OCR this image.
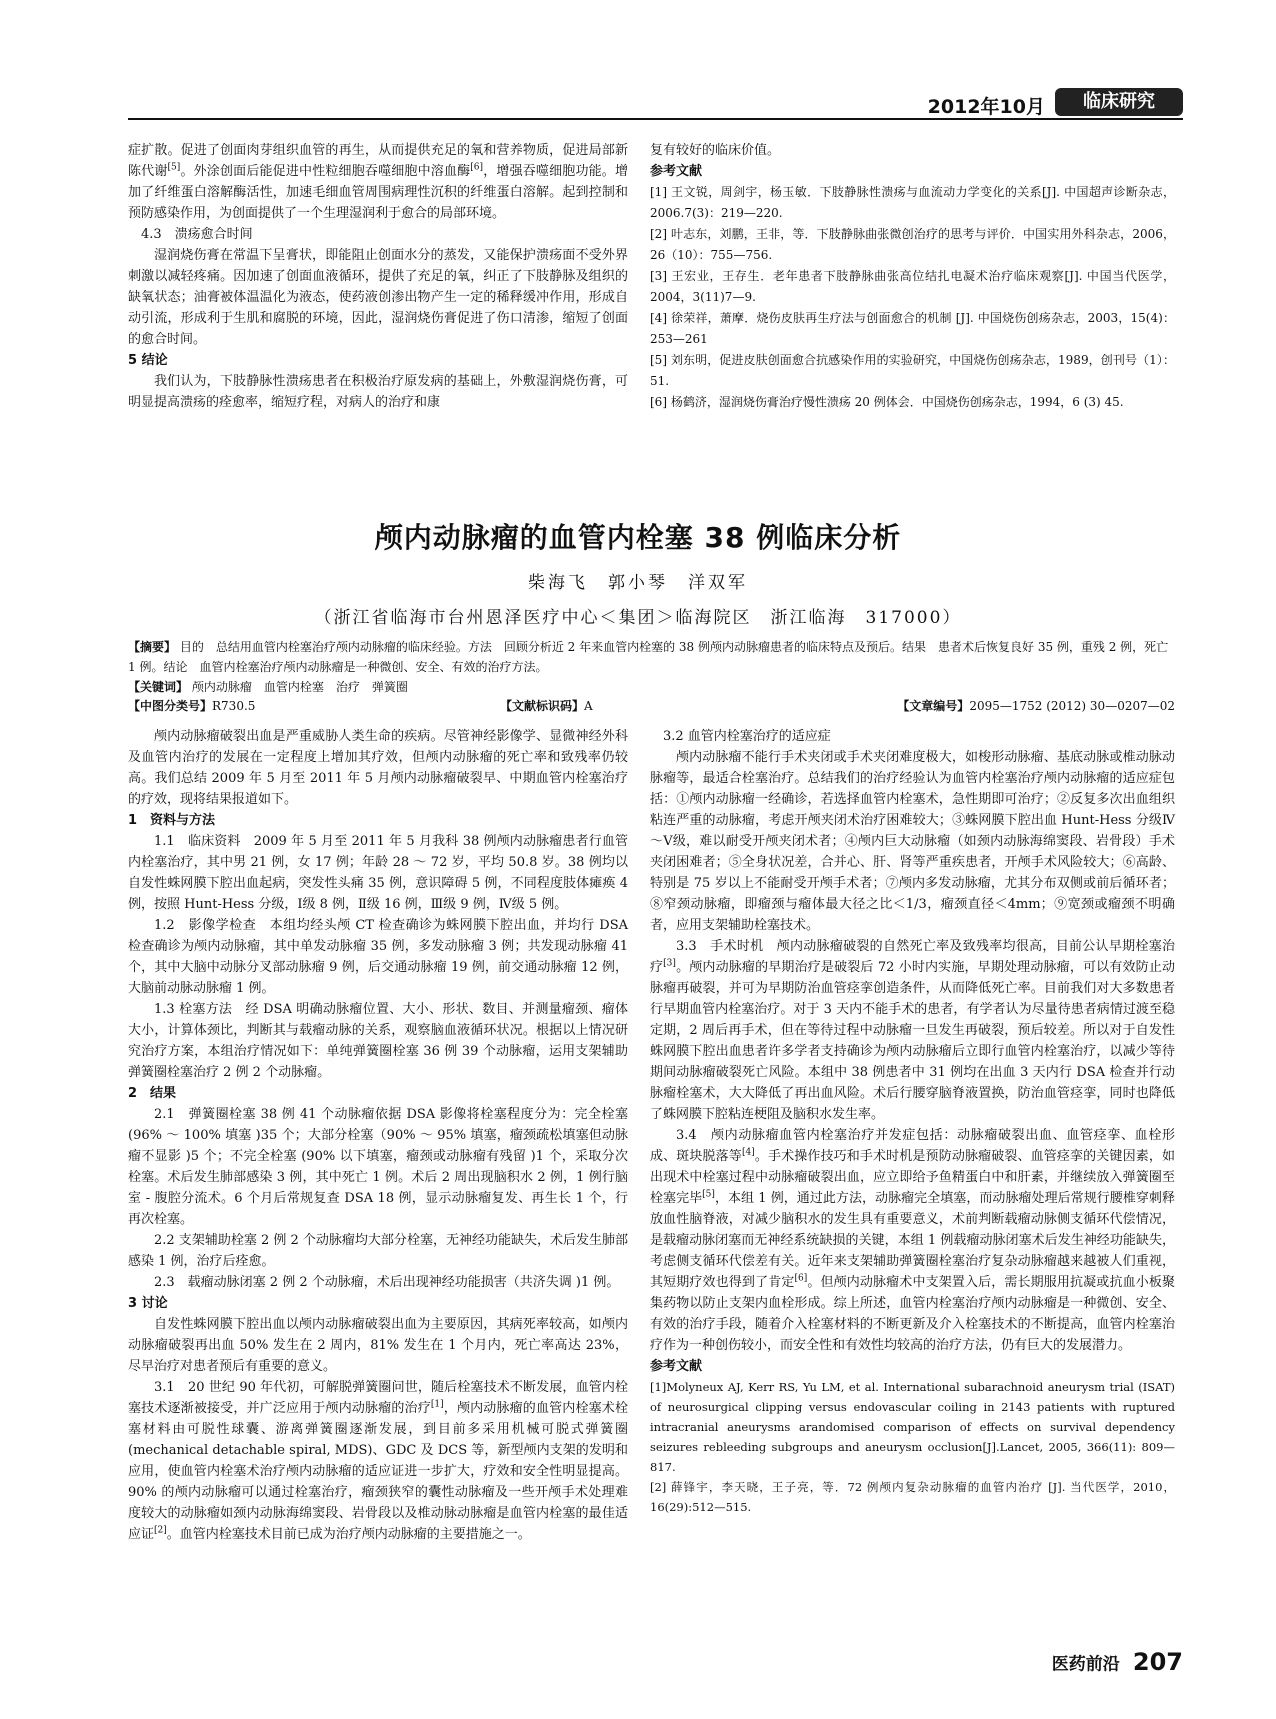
2012年10月	临床研究

症扩散。促进了创面肉芽组织血管的再生，从而提供充足的氧和营养物质，促进局部新陈代谢[5]。外涂创面后能促进中性粒细胞吞噬细胞中溶血酶[6]，增强吞噬细胞功能。增加了纤维蛋白溶解酶活性，加速毛细血管周围病理性沉积的纤维蛋白溶解。起到控制和预防感染作用，为创面提供了一个生理湿润利于愈合的局部环境。

4.3　溃疡愈合时间

湿润烧伤膏在常温下呈膏状，即能阻止创面水分的蒸发，又能保护溃疡面不受外界刺激以减轻疼痛。因加速了创面血液循环，提供了充足的氧，纠正了下肢静脉及组织的缺氧状态；油膏被体温温化为液态，使药液创渗出物产生一定的稀释缓冲作用，形成自动引流，形成利于生肌和腐脱的环境，因此，湿润烧伤膏促进了伤口清渗，缩短了创面的愈合时间。

5 结论

我们认为，下肢静脉性溃疡患者在积极治疗原发病的基础上，外敷湿润烧伤膏，可明显提高溃疡的痊愈率，缩短疗程，对病人的治疗和康

复有较好的临床价值。

参考文献

[1] 王文锐，周剑宇，杨玉敏．下肢静脉性溃疡与血流动力学变化的关系[J]. 中国超声诊断杂志，2006.7(3)：219—220.

[2] 叶志东，刘鹏，王非，等．下肢静脉曲张微创治疗的思考与评价．中国实用外科杂志，2006，26（10）：755—756.

[3] 王宏业，王存生．老年患者下肢静脉曲张高位结扎电凝术治疗临床观察[J]. 中国当代医学，2004，3(11)7—9.

[4] 徐荣祥，萧摩．烧伤皮肤再生疗法与创面愈合的机制 [J]. 中国烧伤创疡杂志，2003，15(4)：253—261

[5] 刘东明，促进皮肤创面愈合抗感染作用的实验研究，中国烧伤创疡杂志，1989，创刊号（1）：51.

[6] 杨鹤济，湿润烧伤膏治疗慢性溃疡 20 例体会．中国烧伤创疡杂志，1994，6 (3) 45.

颅内动脉瘤的血管内栓塞 38 例临床分析
柴海飞　郭小琴　洋双军
（浙江省临海市台州恩泽医疗中心＜集团＞临海院区　浙江临海　317000）

【摘要】 目的　总结用血管内栓塞治疗颅内动脉瘤的临床经验。方法　回顾分析近 2 年来血管内栓塞的 38 例颅内动脉瘤患者的临床特点及预后。结果　患者术后恢复良好 35 例，重残 2 例，死亡 1 例。结论　血管内栓塞治疗颅内动脉瘤是一种微创、安全、有效的治疗方法。

【关键词】 颅内动脉瘤　血管内栓塞　治疗　弹簧圈

【中图分类号】R730.5	【文献标识码】A	【文章编号】2095—1752 (2012) 30—0207—02

颅内动脉瘤破裂出血是严重威胁人类生命的疾病。尽管神经影像学、显微神经外科及血管内治疗的发展在一定程度上增加其疗效，但颅内动脉瘤的死亡率和致残率仍较高。我们总结 2009 年 5 月至 2011 年 5 月颅内动脉瘤破裂早、中期血管内栓塞治疗的疗效，现将结果报道如下。

1　资料与方法

1.1　临床资料　2009 年 5 月至 2011 年 5 月我科 38 例颅内动脉瘤患者行血管内栓塞治疗，其中男 21 例，女 17 例；年龄 28 ～ 72 岁，平均 50.8 岁。38 例均以自发性蛛网膜下腔出血起病，突发性头痛 35 例，意识障碍 5 例，不同程度肢体瘫痪 4 例，按照 Hunt-Hess 分级，Ⅰ级 8 例，Ⅱ级 16 例，Ⅲ级 9 例，Ⅳ级 5 例。

1.2　影像学检查　本组均经头颅 CT 检查确诊为蛛网膜下腔出血，并均行 DSA 检查确诊为颅内动脉瘤，其中单发动脉瘤 35 例，多发动脉瘤 3 例；共发现动脉瘤 41 个，其中大脑中动脉分叉部动脉瘤 9 例，后交通动脉瘤 19 例，前交通动脉瘤 12 例，大脑前动脉动脉瘤 1 例。

1.3 栓塞方法　经 DSA 明确动脉瘤位置、大小、形状、数目、并测量瘤颈、瘤体大小，计算体颈比，判断其与载瘤动脉的关系，观察脑血液循环状况。根据以上情况研究治疗方案，本组治疗情况如下：单纯弹簧圈栓塞 36 例 39 个动脉瘤，运用支架辅助弹簧圈栓塞治疗 2 例 2 个动脉瘤。

2　结果

2.1　弹簧圈栓塞 38 例 41 个动脉瘤依据 DSA 影像将栓塞程度分为：完全栓塞 (96% ～ 100% 填塞 )35 个；大部分栓塞（90% ～ 95% 填塞，瘤颈疏松填塞但动脉瘤不显影 )5 个；不完全栓塞 (90% 以下填塞，瘤颈或动脉瘤有残留 )1 个，采取分次栓塞。术后发生肺部感染 3 例，其中死亡 1 例。术后 2 周出现脑积水 2 例，1 例行脑室 - 腹腔分流术。6 个月后常规复查 DSA 18 例，显示动脉瘤复发、再生长 1 个，行再次栓塞。

2.2 支架辅助栓塞 2 例 2 个动脉瘤均大部分栓塞，无神经功能缺失，术后发生肺部感染 1 例，治疗后痊愈。

2.3　载瘤动脉闭塞 2 例 2 个动脉瘤，术后出现神经功能损害（共济失调 )1 例。

3 讨论

自发性蛛网膜下腔出血以颅内动脉瘤破裂出血为主要原因，其病死率较高，如颅内动脉瘤破裂再出血 50% 发生在 2 周内，81% 发生在 1 个月内，死亡率高达 23%，尽早治疗对患者预后有重要的意义。

3.1　20 世纪 90 年代初，可解脱弹簧圈问世，随后栓塞技术不断发展，血管内栓塞技术逐渐被接受，并广泛应用于颅内动脉瘤的治疗[1]，颅内动脉瘤的血管内栓塞术栓塞材料由可脱性球囊、游离弹簧圈逐渐发展，到目前多采用机械可脱式弹簧圈 (mechanical detachable spiral, MDS)、GDC 及 DCS 等，新型颅内支架的发明和应用，使血管内栓塞术治疗颅内动脉瘤的适应证进一步扩大，疗效和安全性明显提高。90% 的颅内动脉瘤可以通过栓塞治疗，瘤颈狭窄的囊性动脉瘤及一些开颅手术处理难度较大的动脉瘤如颈内动脉海绵窦段、岩骨段以及椎动脉动脉瘤是血管内栓塞的最佳适应证[2]。血管内栓塞技术目前已成为治疗颅内动脉瘤的主要措施之一。

3.2 血管内栓塞治疗的适应症

颅内动脉瘤不能行手术夹闭或手术夹闭难度极大，如梭形动脉瘤、基底动脉或椎动脉动脉瘤等，最适合栓塞治疗。总结我们的治疗经验认为血管内栓塞治疗颅内动脉瘤的适应症包括：①颅内动脉瘤一经确诊，若选择血管内栓塞术，急性期即可治疗；②反复多次出血组织粘连严重的动脉瘤，考虑开颅夹闭术治疗困难较大；③蛛网膜下腔出血 Hunt-Hess 分级Ⅳ～Ⅴ级，难以耐受开颅夹闭术者；④颅内巨大动脉瘤（如颈内动脉海绵窦段、岩骨段）手术夹闭困难者；⑤全身状况差，合并心、肝、肾等严重疾患者，开颅手术风险较大；⑥高龄、特别是 75 岁以上不能耐受开颅手术者；⑦颅内多发动脉瘤，尤其分布双侧或前后循环者；⑧窄颈动脉瘤，即瘤颈与瘤体最大径之比＜1/3，瘤颈直径＜4mm；⑨宽颈或瘤颈不明确者，应用支架辅助栓塞技术。

3.3　手术时机　颅内动脉瘤破裂的自然死亡率及致残率均很高，目前公认早期栓塞治疗[3]。颅内动脉瘤的早期治疗是破裂后 72 小时内实施，早期处理动脉瘤，可以有效防止动脉瘤再破裂，并可为早期防治血管痉挛创造条件，从而降低死亡率。目前我们对大多数患者行早期血管内栓塞治疗。对于 3 天内不能手术的患者，有学者认为尽量待患者病情过渡至稳定期，2 周后再手术，但在等待过程中动脉瘤一旦发生再破裂，预后较差。所以对于自发性蛛网膜下腔出血患者许多学者支持确诊为颅内动脉瘤后立即行血管内栓塞治疗，以减少等待期间动脉瘤破裂死亡风险。本组中 38 例患者中 31 例均在出血 3 天内行 DSA 检查并行动脉瘤栓塞术，大大降低了再出血风险。术后行腰穿脑脊液置换，防治血管痉挛，同时也降低了蛛网膜下腔粘连梗阻及脑积水发生率。

3.4　颅内动脉瘤血管内栓塞治疗并发症包括：动脉瘤破裂出血、血管痉挛、血栓形成、斑块脱落等[4]。手术操作技巧和手术时机是预防动脉瘤破裂、血管痉挛的关键因素，如出现术中栓塞过程中动脉瘤破裂出血，应立即给予鱼精蛋白中和肝素，并继续放入弹簧圈至栓塞完毕[5]，本组 1 例，通过此方法，动脉瘤完全填塞，而动脉瘤处理后常规行腰椎穿刺释放血性脑脊液，对减少脑积水的发生具有重要意义，术前判断载瘤动脉侧支循环代偿情况，是载瘤动脉闭塞而无神经系统缺损的关键，本组 1 例载瘤动脉闭塞术后发生神经功能缺失，考虑侧支循环代偿差有关。近年来支架辅助弹簧圈栓塞治疗复杂动脉瘤越来越被人们重视，其短期疗效也得到了肯定[6]。但颅内动脉瘤术中支架置入后，需长期服用抗凝或抗血小板聚集药物以防止支架内血栓形成。综上所述，血管内栓塞治疗颅内动脉瘤是一种微创、安全、有效的治疗手段，随着介入栓塞材料的不断更新及介入栓塞技术的不断提高，血管内栓塞治疗作为一种创伤较小，而安全性和有效性均较高的治疗方法，仍有巨大的发展潜力。

参考文献

[1]Molyneux AJ, Kerr RS, Yu LM, et al. International subarachnoid aneurysm trial (ISAT) of neurosurgical clipping versus endovascular coiling in 2143 patients with ruptured intracranial aneurysms arandomised comparison of effects on survival dependency seizures rebleeding subgroups and aneurysm occlusion[J].Lancet, 2005, 366(11): 809—817.

[2] 薛锋宇，李天晓，王子亮，等．72 例颅内复杂动脉瘤的血管内治疗 [J]. 当代医学，2010，16(29):512—515.

医药前沿 207
